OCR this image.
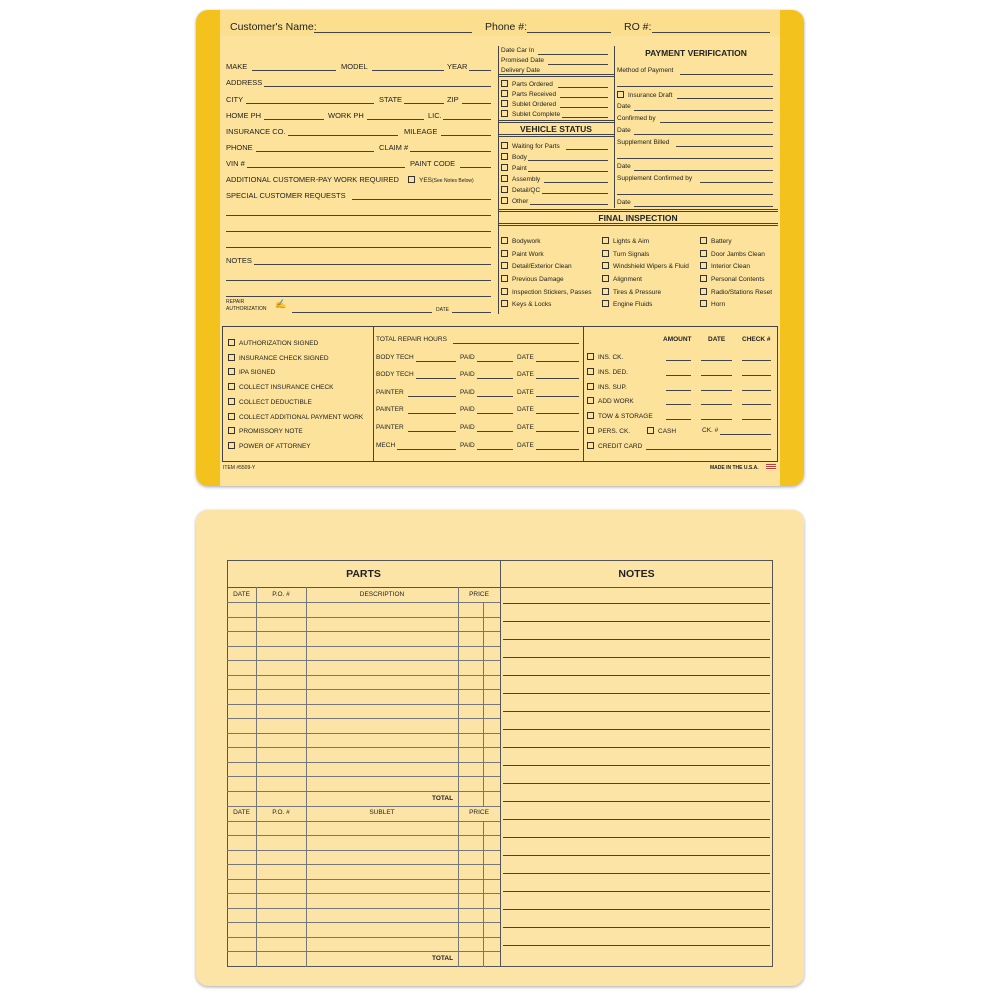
Customer's Name:	Phone #:	RO #:
MAKE	MODEL	YEAR
ADDRESS
CITY	STATE	ZIP
HOME PH	WORK PH	LIC.
INSURANCE CO.	MILEAGE
PHONE	CLAIM #
VIN #	PAINT CODE
ADDITIONAL CUSTOMER-PAY WORK REQUIRED	YES (See Notes Below)
SPECIAL CUSTOMER REQUESTS
NOTES
REPAIR
AUTHORIZATION ✍
DATE
Date Car In
Promised Date
Delivery Date
Parts Ordered
Parts Received
Sublet Ordered
Sublet Complete
VEHICLE STATUS
Waiting for Parts
Body
Paint
Assembly
Detail/QC
Other
PAYMENT VERIFICATION
Method of Payment
Insurance Draft
Date
Confirmed by
Date
Supplement Billed
Date
Supplement Confirmed by
Date
FINAL INSPECTION
Bodywork
Paint Work
Detail/Exterior Clean
Previous Damage
Inspection Stickers, Passes
Keys & Locks
Lights & Aim
Turn Signals
Windshield Wipers & Fluid
Alignment
Tires & Pressure
Engine Fluids
Battery
Door Jambs Clean
Interior Clean
Personal Contents
Radio/Stations Reset
Horn
AUTHORIZATION SIGNED
INSURANCE CHECK SIGNED
IPA SIGNED
COLLECT INSURANCE CHECK
COLLECT DEDUCTIBLE
COLLECT ADDITIONAL PAYMENT WORK
PROMISSORY NOTE
POWER OF ATTORNEY
TOTAL REPAIR HOURS
BODY TECH	PAID	DATE
BODY TECH	PAID	DATE
PAINTER	PAID	DATE
PAINTER	PAID	DATE
PAINTER	PAID	DATE
MECH	PAID	DATE
AMOUNT	DATE	CHECK #
INS. CK.
INS. DED.
INS. SUP.
ADD WORK
TOW & STORAGE
PERS. CK.	CASH	CK. #
CREDIT CARD
ITEM #5509-Y	MADE IN THE U.S.A.
PARTS	NOTES
DATE	P.O. #	DESCRIPTION	PRICE
TOTAL
DATE	P.O. #	SUBLET	PRICE
TOTAL
